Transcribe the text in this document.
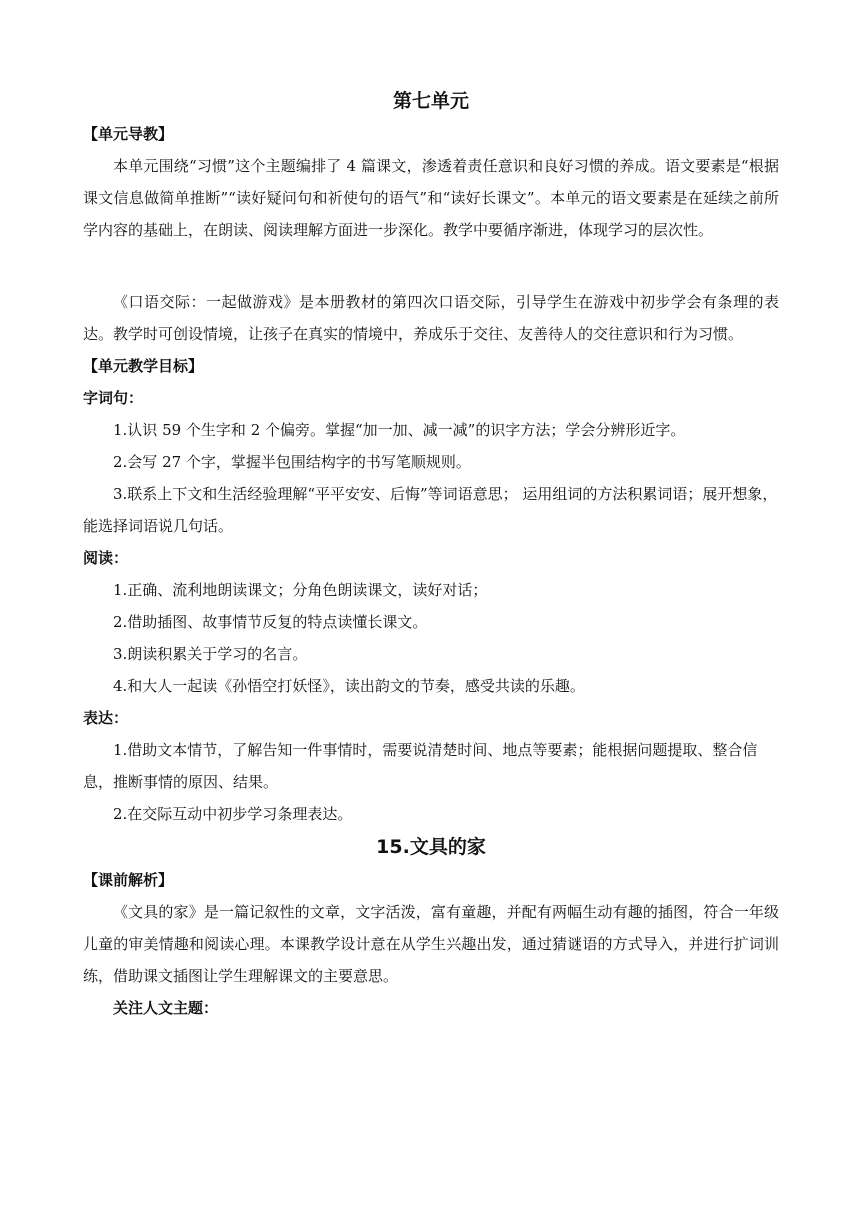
第七单元

【单元导教】

本单元围绕“习惯”这个主题编排了 4 篇课文，渗透着责任意识和良好习惯的养成。语文要素是“根据课文信息做简单推断”“读好疑问句和祈使句的语气”和“读好长课文”。本单元的语文要素是在延续之前所学内容的基础上，在朗读、阅读理解方面进一步深化。教学中要循序渐进，体现学习的层次性。

《口语交际：一起做游戏》是本册教材的第四次口语交际，引导学生在游戏中初步学会有条理的表达。教学时可创设情境，让孩子在真实的情境中，养成乐于交往、友善待人的交往意识和行为习惯。

【单元教学目标】

字词句：

1.认识 59 个生字和 2 个偏旁。掌握“加一加、减一减”的识字方法；学会分辨形近字。

2.会写 27 个字，掌握半包围结构字的书写笔顺规则。

3.联系上下文和生活经验理解“平平安安、后悔”等词语意思； 运用组词的方法积累词语；展开想象，能选择词语说几句话。

阅读：

1.正确、流利地朗读课文；分角色朗读课文，读好对话；

2.借助插图、故事情节反复的特点读懂长课文。

3.朗读积累关于学习的名言。

4.和大人一起读《孙悟空打妖怪》，读出韵文的节奏，感受共读的乐趣。

表达：

1.借助文本情节，了解告知一件事情时，需要说清楚时间、地点等要素；能根据问题提取、整合信息，推断事情的原因、结果。

2.在交际互动中初步学习条理表达。

15.文具的家

【课前解析】

《文具的家》是一篇记叙性的文章，文字活泼，富有童趣，并配有两幅生动有趣的插图，符合一年级儿童的审美情趣和阅读心理。本课教学设计意在从学生兴趣出发，通过猜谜语的方式导入，并进行扩词训练，借助课文插图让学生理解课文的主要意思。

关注人文主题：
